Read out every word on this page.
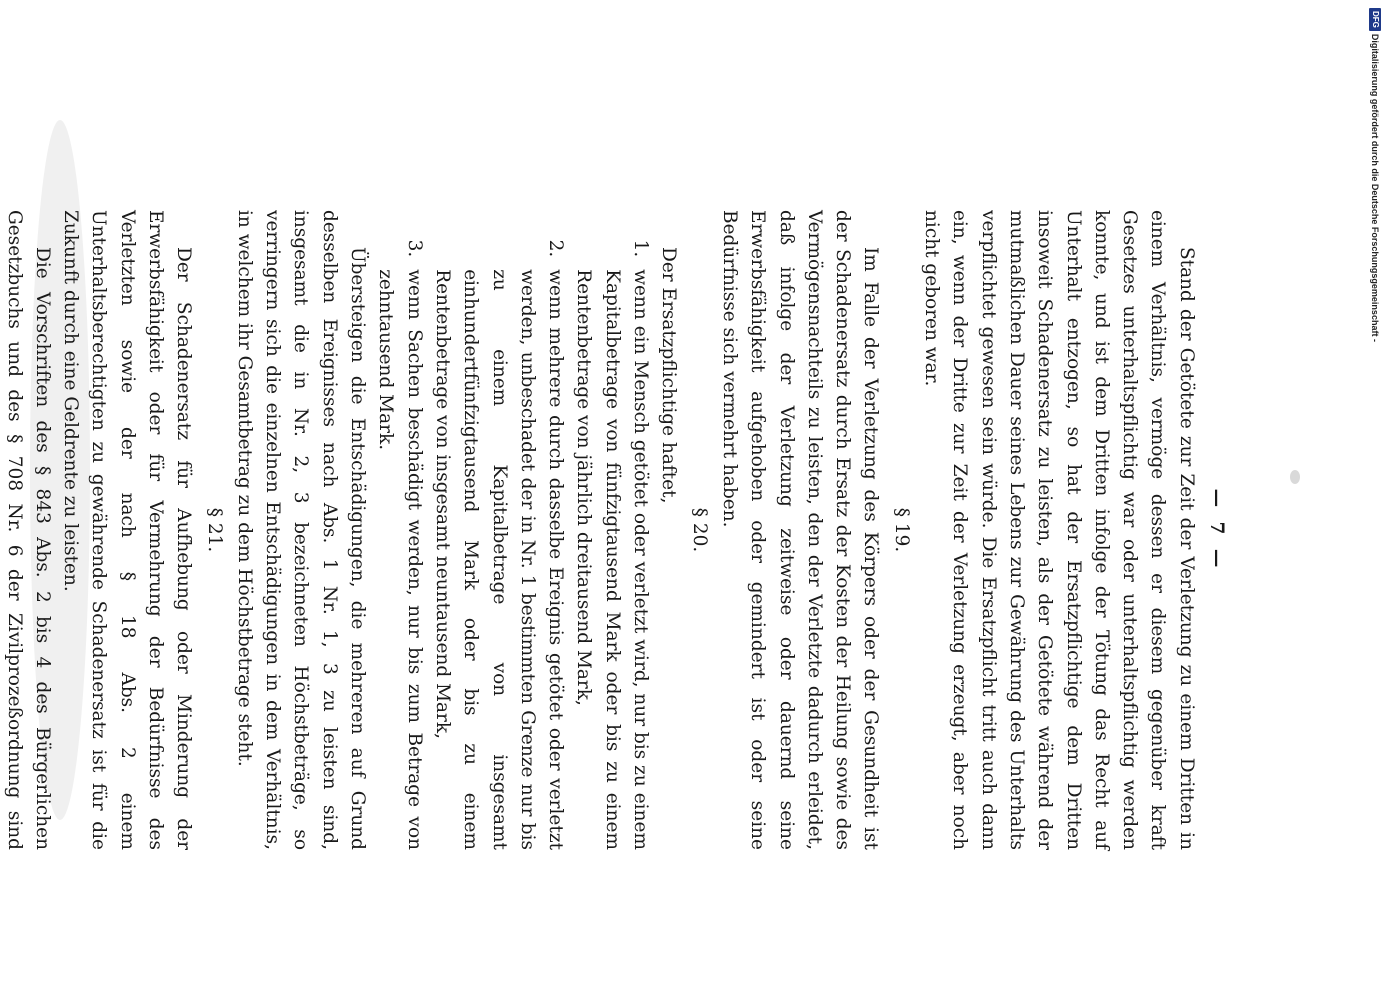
— 7 —

Stand der Getötete zur Zeit der Verletzung zu einem Dritten in einem Verhältnis, vermöge dessen er diesem gegenüber kraft Gesetzes unterhaltspflichtig war oder unterhaltspflichtig werden konnte, und ist dem Dritten infolge der Tötung das Recht auf Unterhalt entzogen, so hat der Ersatzpflichtige dem Dritten insoweit Schadenersatz zu leisten, als der Getötete während der mutmaßlichen Dauer seines Lebens zur Gewährung des Unterhalts verpflichtet gewesen sein würde. Die Ersatzpflicht tritt auch dann ein, wenn der Dritte zur Zeit der Verletzung erzeugt, aber noch nicht geboren war.

§ 19.

Im Falle der Verletzung des Körpers oder der Gesundheit ist der Schadenersatz durch Ersatz der Kosten der Heilung sowie des Vermögensnachteils zu leisten, den der Verletzte dadurch erleidet, daß infolge der Verletzung zeitweise oder dauernd seine Erwerbsfähigkeit aufgehoben oder gemindert ist oder seine Bedürfnisse sich vermehrt haben.

§ 20.

Der Ersatzpflichtige haftet,

1.wenn ein Mensch getötet oder verletzt wird, nur bis zu einem Kapitalbetrage von fünfzigtausend Mark oder bis zu einem Rentenbetrage von jährlich dreitausend Mark,

2.wenn mehrere durch dasselbe Ereignis getötet oder verletzt werden, unbeschadet der in Nr. 1 bestimmten Grenze nur bis zu einem Kapitalbetrage von insgesamt einhundertfünfzigtausend Mark oder bis zu einem Rentenbetrage von insgesamt neuntausend Mark,

3.wenn Sachen beschädigt werden, nur bis zum Betrage von zehntausend Mark.

Übersteigen die Entschädigungen, die mehreren auf Grund desselben Ereignisses nach Abs. 1 Nr. 1, 3 zu leisten sind, insgesamt die in Nr. 2, 3 bezeichneten Höchstbeträge, so verringern sich die einzelnen Entschädigungen in dem Verhältnis, in welchem ihr Gesamtbetrag zu dem Höchstbetrage steht.

§ 21.

Der Schadenersatz für Aufhebung oder Minderung der Erwerbsfähigkeit oder für Vermehrung der Bedürfnisse des Verletzten sowie der nach § 18 Abs. 2 einem Unterhaltsberechtigten zu gewährende Schadenersatz ist für die Zukunft durch eine Geldrente zu leisten.

Die Vorschriften des § 843 Abs. 2 bis 4 des Bürgerlichen Gesetzbuchs und des § 708 Nr. 6 der Zivilprozeßordnung sind

Digitalisierung gefördert durch die Deutsche Forschungsgemeinschaft -
DFG
